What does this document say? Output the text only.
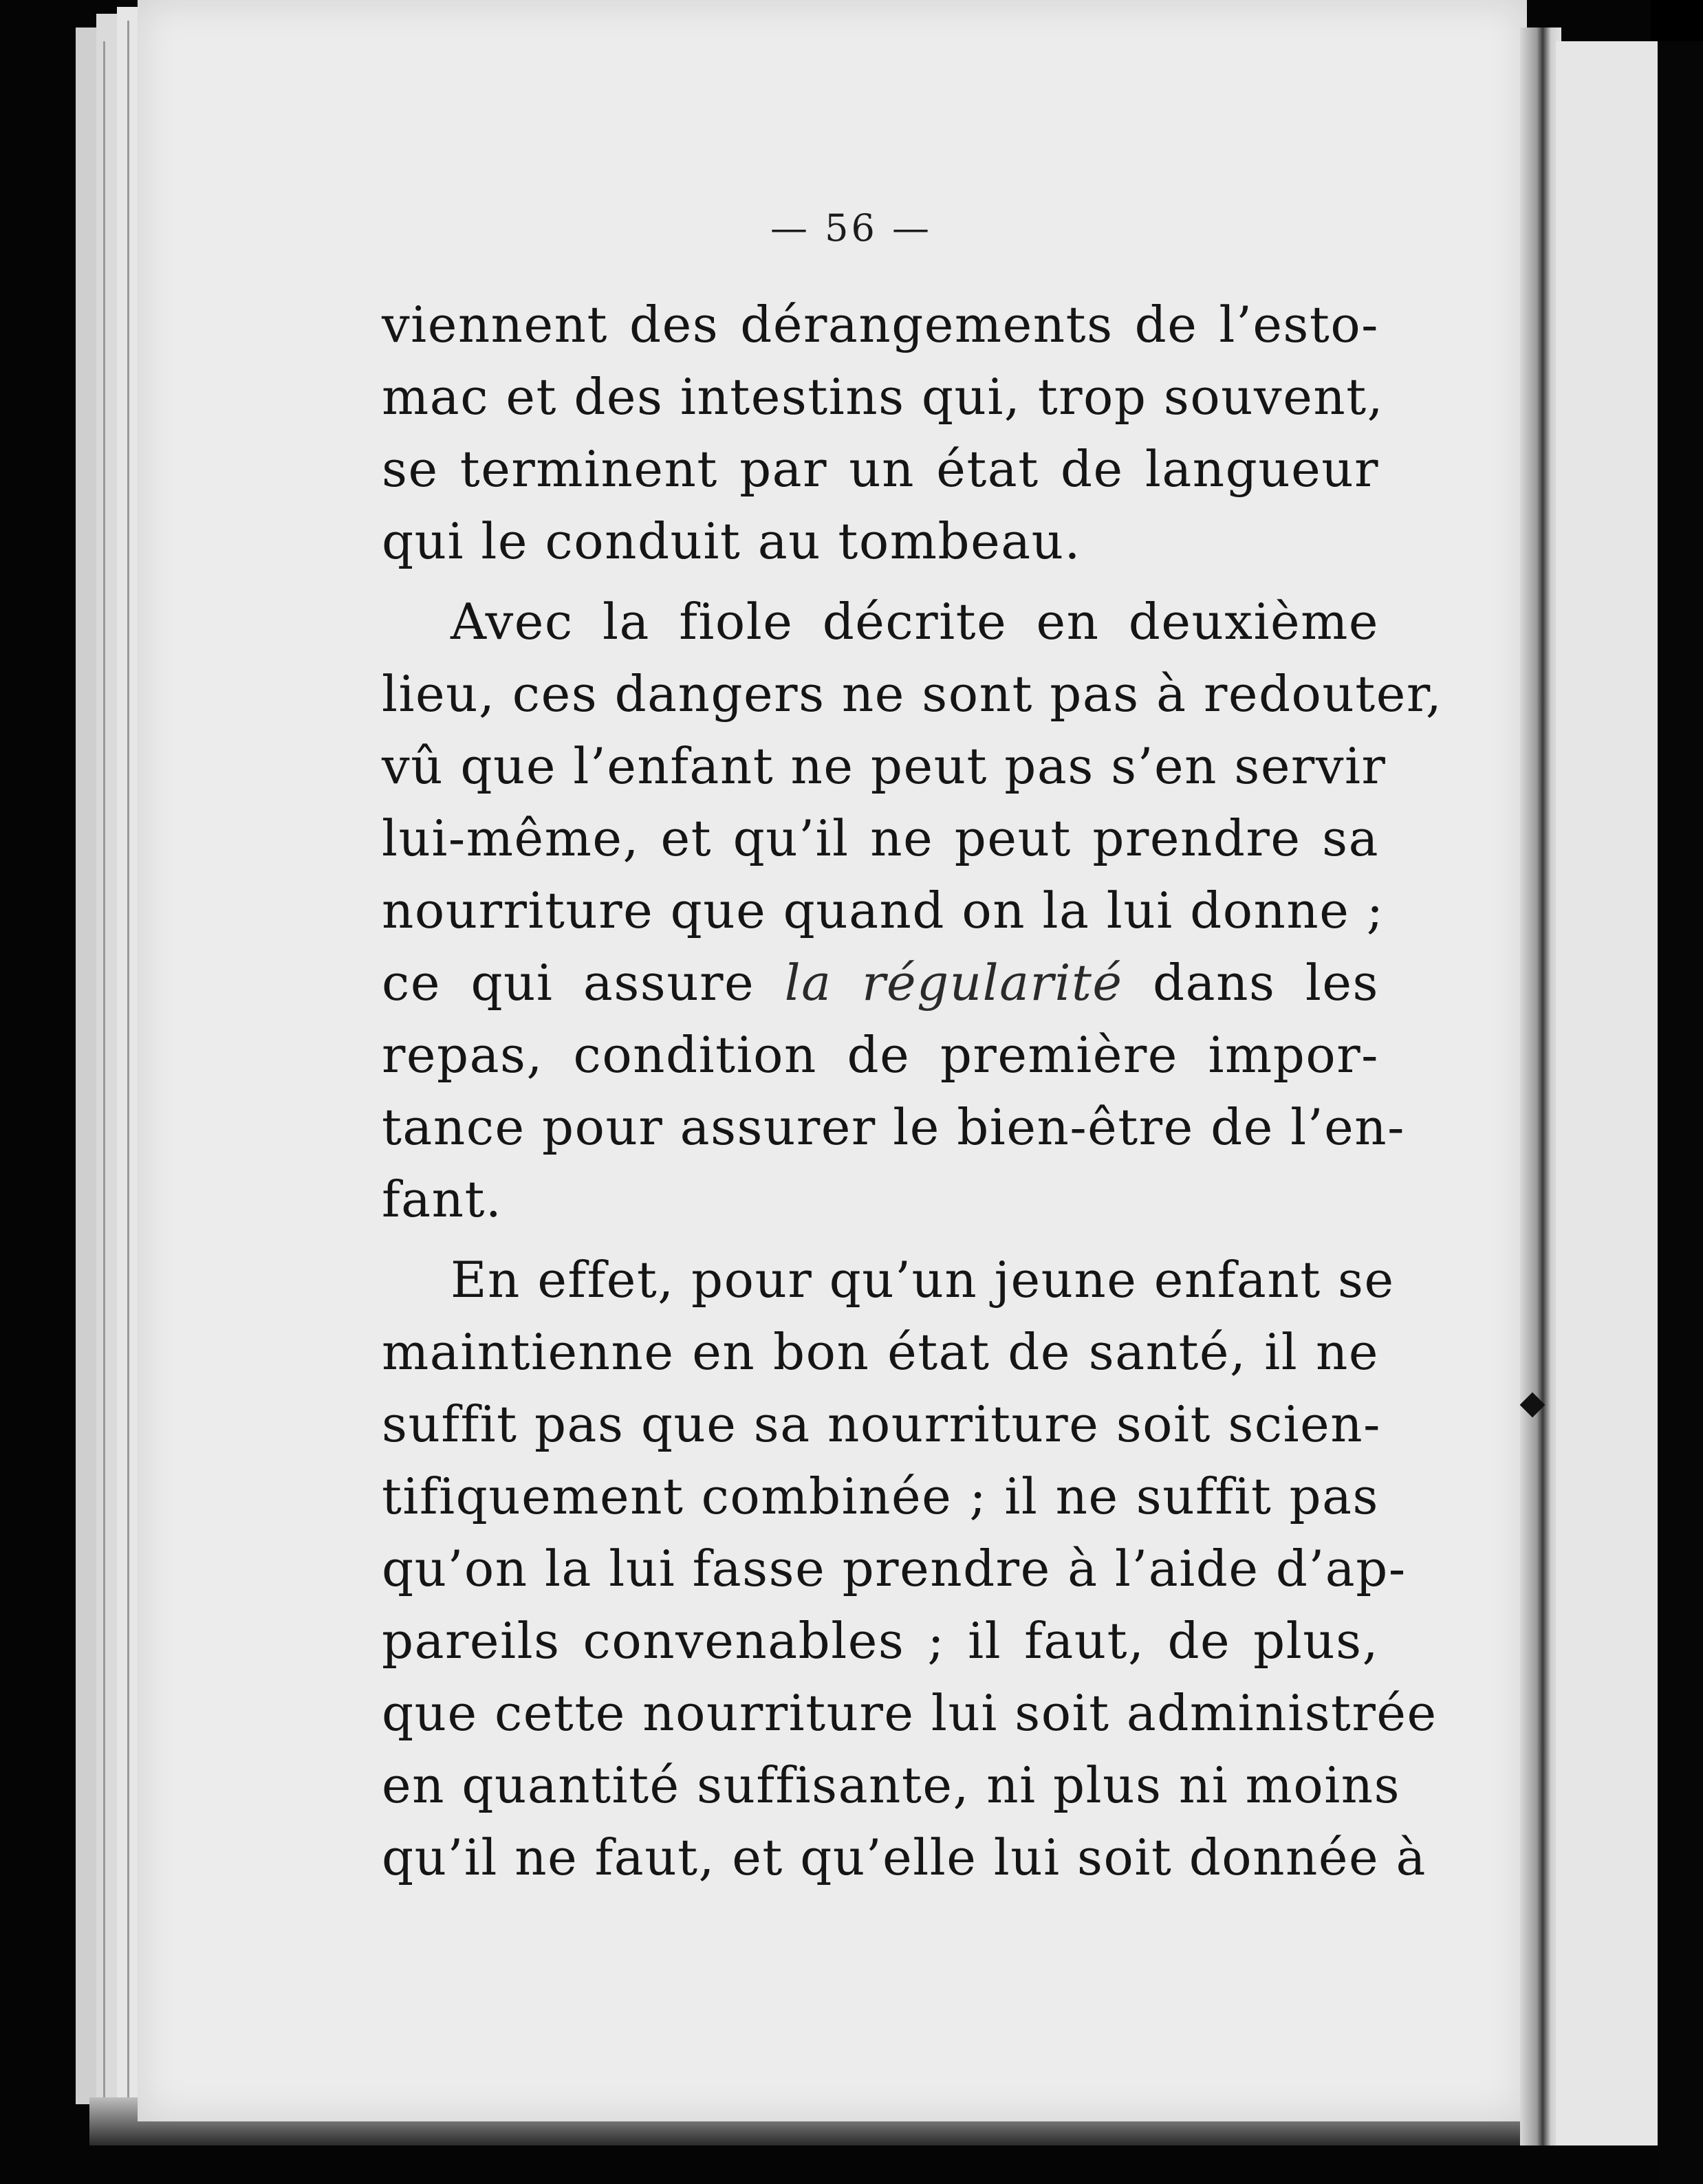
— 56 —
viennent des dérangements de l’esto-
mac et des intestins qui, trop souvent,
se terminent par un état de langueur
qui le conduit au tombeau.
Avec la fiole décrite en deuxième
lieu, ces dangers ne sont pas à redouter,
vû que l’enfant ne peut pas s’en servir
lui-même, et qu’il ne peut prendre sa
nourriture que quand on la lui donne ;
ce qui assure la régularité dans les
repas, condition de première impor-
tance pour assurer le bien-être de l’en-
fant.
En effet, pour qu’un jeune enfant se
maintienne en bon état de santé, il ne
suffit pas que sa nourriture soit scien-
tifiquement combinée ; il ne suffit pas
qu’on la lui fasse prendre à l’aide d’ap-
pareils convenables ; il faut, de plus,
que cette nourriture lui soit administrée
en quantité suffisante, ni plus ni moins
qu’il ne faut, et qu’elle lui soit donnée à
